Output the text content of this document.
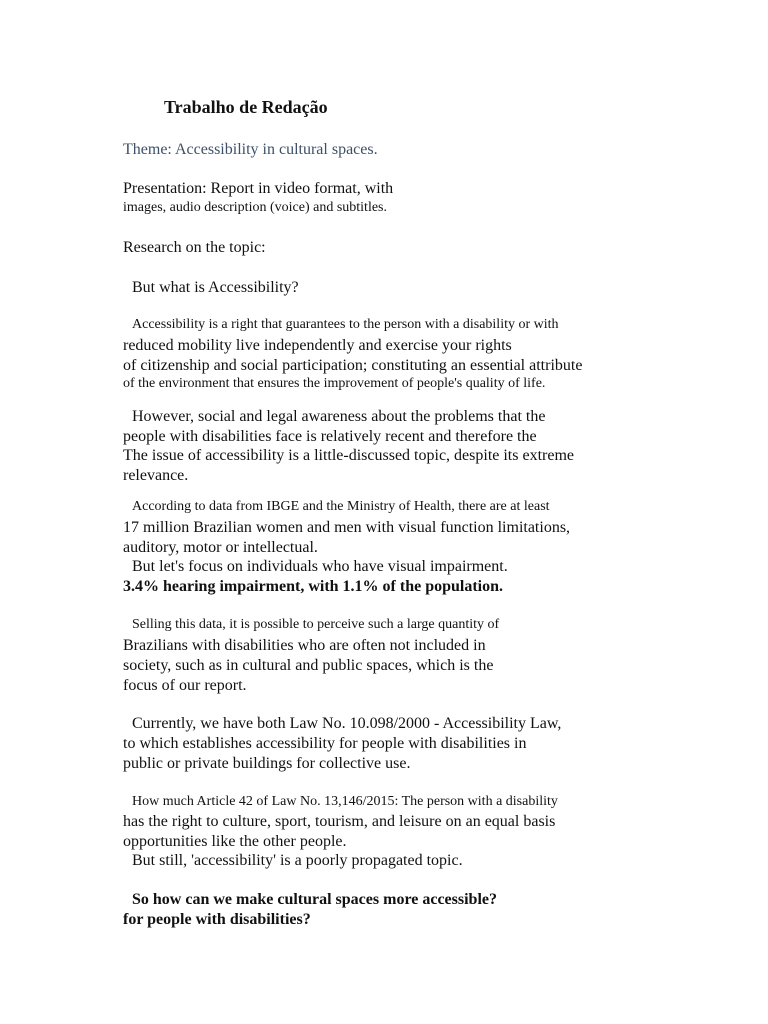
Trabalho de Redação
Theme: Accessibility in cultural spaces.
Presentation: Report in video format, with
images, audio description (voice) and subtitles.
Research on the topic:
But what is Accessibility?
Accessibility is a right that guarantees to the person with a disability or with
reduced mobility live independently and exercise your rights
of citizenship and social participation; constituting an essential attribute
of the environment that ensures the improvement of people's quality of life.
However, social and legal awareness about the problems that the
people with disabilities face is relatively recent and therefore the
The issue of accessibility is a little-discussed topic, despite its extreme
relevance.
According to data from IBGE and the Ministry of Health, there are at least
17 million Brazilian women and men with visual function limitations,
auditory, motor or intellectual.
But let's focus on individuals who have visual impairment.
3.4% hearing impairment, with 1.1% of the population.
Selling this data, it is possible to perceive such a large quantity of
Brazilians with disabilities who are often not included in
society, such as in cultural and public spaces, which is the
focus of our report.
Currently, we have both Law No. 10.098/2000 - Accessibility Law,
to which establishes accessibility for people with disabilities in
public or private buildings for collective use.
How much Article 42 of Law No. 13,146/2015: The person with a disability
has the right to culture, sport, tourism, and leisure on an equal basis
opportunities like the other people.
But still, 'accessibility' is a poorly propagated topic.
So how can we make cultural spaces more accessible?
for people with disabilities?
